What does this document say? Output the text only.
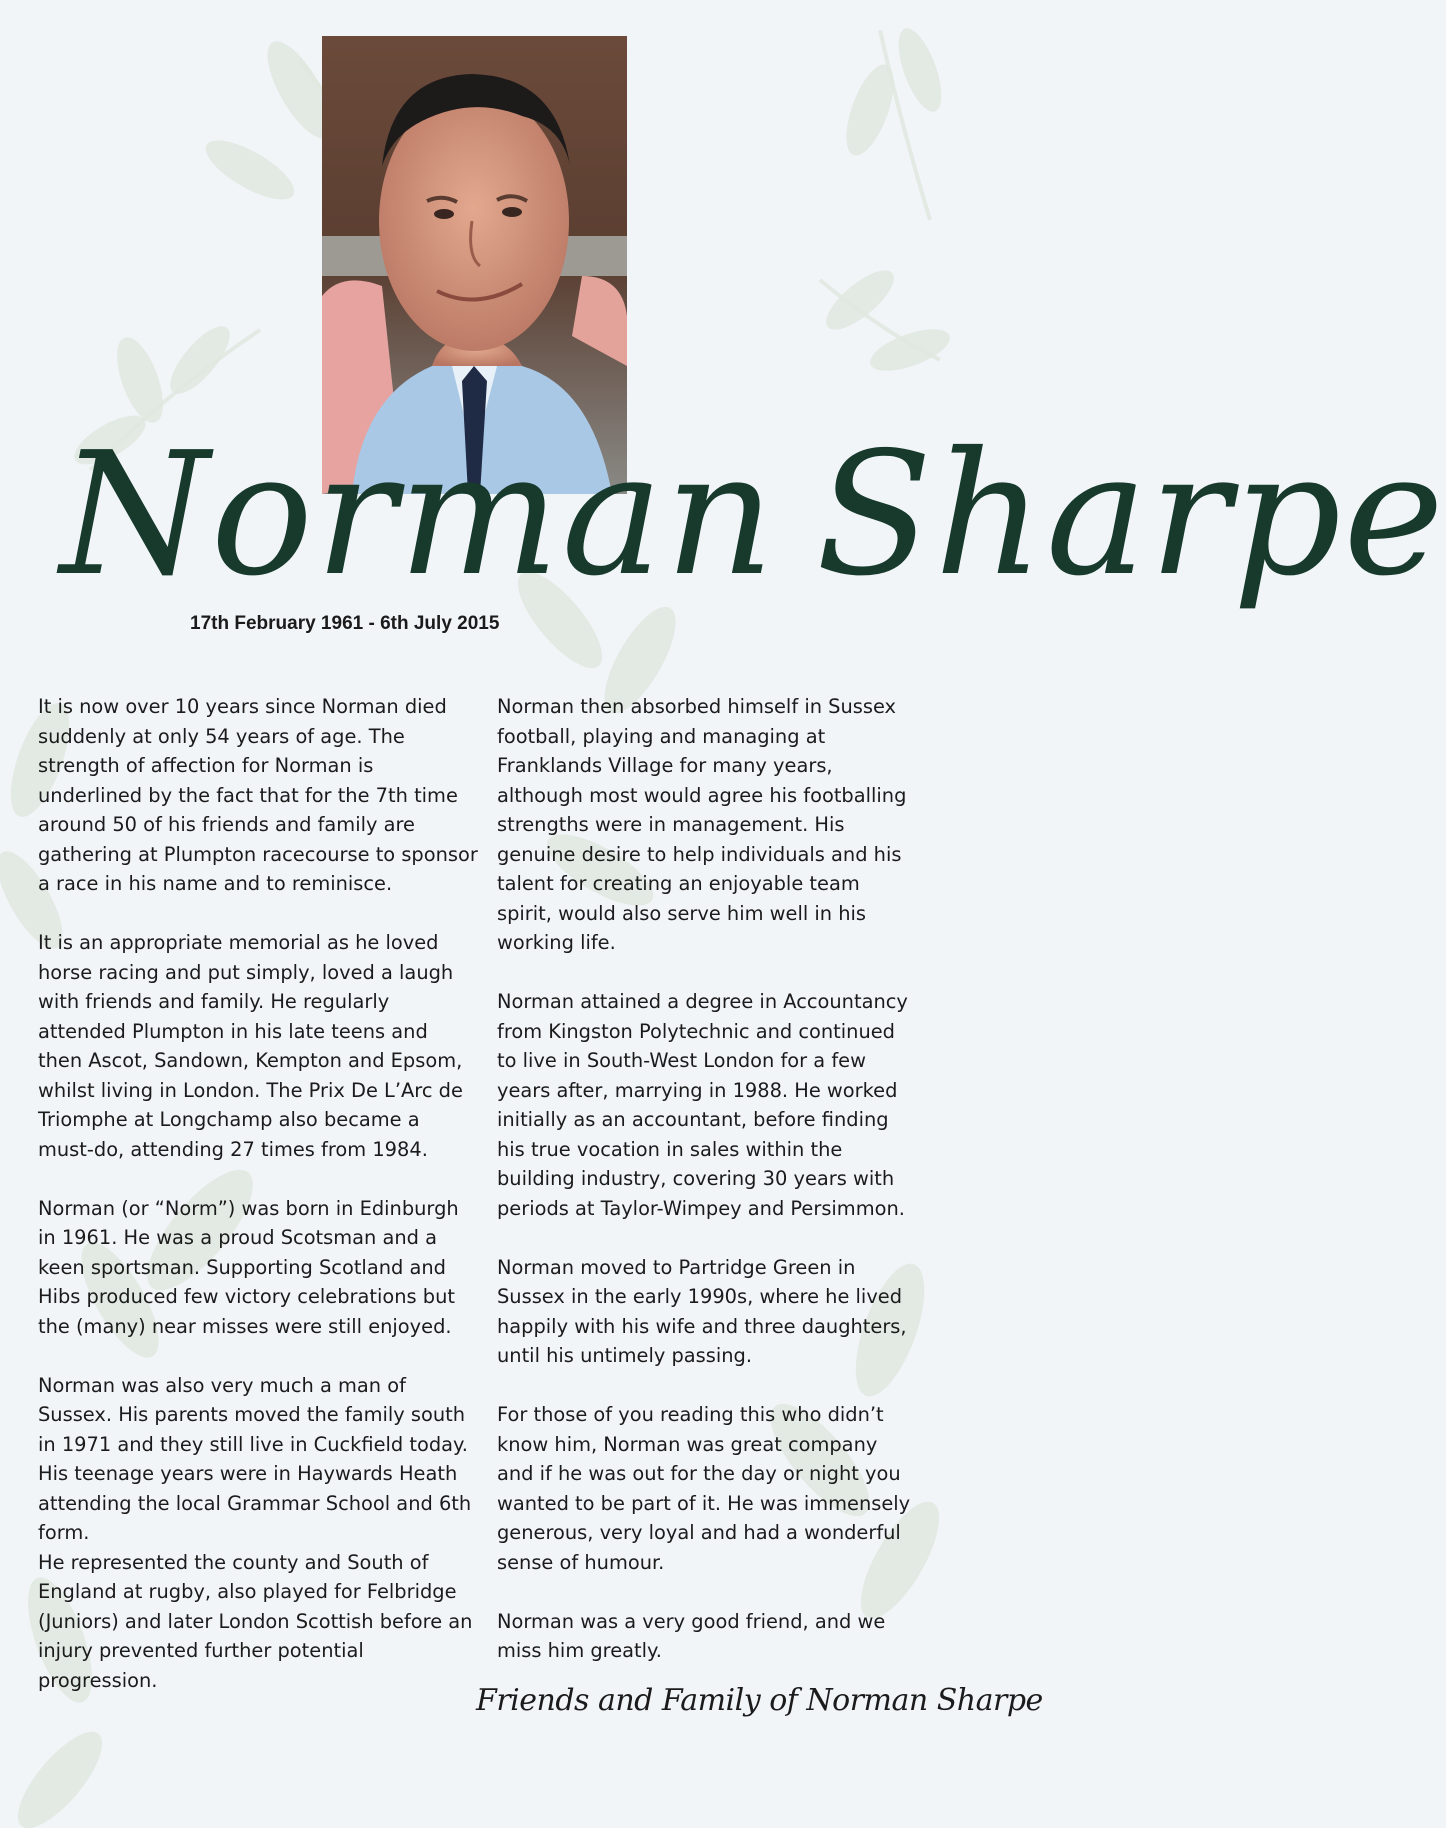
Norman Sharpe
17th February 1961 - 6th July 2015

It is now over 10 years since Norman died suddenly at only 54 years of age. The strength of affection for Norman is underlined by the fact that for the 7th time around 50 of his friends and family are gathering at Plumpton racecourse to sponsor a race in his name and to reminisce.

It is an appropriate memorial as he loved horse racing and put simply, loved a laugh with friends and family. He regularly attended Plumpton in his late teens and then Ascot, Sandown, Kempton and Epsom, whilst living in London. The Prix De L’Arc de Triomphe at Longchamp also became a must-do, attending 27 times from 1984.

Norman (or “Norm”) was born in Edinburgh in 1961. He was a proud Scotsman and a keen sportsman. Supporting Scotland and Hibs produced few victory celebrations but the (many) near misses were still enjoyed.

Norman was also very much a man of Sussex. His parents moved the family south in 1971 and they still live in Cuckfield today. His teenage years were in Haywards Heath attending the local Grammar School and 6th form.

He represented the county and South of England at rugby, also played for Felbridge (Juniors) and later London Scottish before an injury prevented further potential progression.

Norman then absorbed himself in Sussex football, playing and managing at Franklands Village for many years, although most would agree his footballing strengths were in management. His genuine desire to help individuals and his talent for creating an enjoyable team spirit, would also serve him well in his working life.

Norman attained a degree in Accountancy from Kingston Polytechnic and continued to live in South-West London for a few years after, marrying in 1988. He worked initially as an accountant, before finding his true vocation in sales within the building industry, covering 30 years with periods at Taylor-Wimpey and Persimmon.

Norman moved to Partridge Green in Sussex in the early 1990s, where he lived happily with his wife and three daughters, until his untimely passing.

For those of you reading this who didn’t know him, Norman was great company and if he was out for the day or night you wanted to be part of it. He was immensely generous, very loyal and had a wonderful sense of humour.

Norman was a very good friend, and we miss him greatly.

Friends and Family of Norman Sharpe
